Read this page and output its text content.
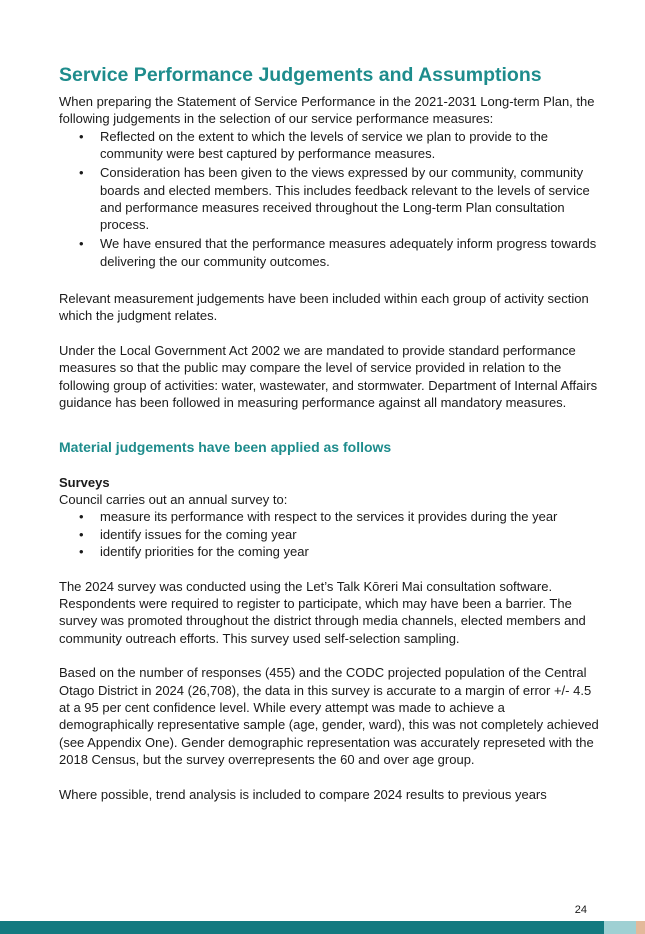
Service Performance Judgements and Assumptions

When preparing the Statement of Service Performance in the 2021-2031 Long-term Plan, the following judgements in the selection of our service performance measures:

• Reflected on the extent to which the levels of service we plan to provide to the community were best captured by performance measures.
• Consideration has been given to the views expressed by our community, community boards and elected members. This includes feedback relevant to the levels of service and performance measures received throughout the Long-term Plan consultation process.
• We have ensured that the performance measures adequately inform progress towards delivering the our community outcomes.

Relevant measurement judgements have been included within each group of activity section which the judgment relates.

Under the Local Government Act 2002 we are mandated to provide standard performance measures so that the public may compare the level of service provided in relation to the following group of activities: water, wastewater, and stormwater. Department of Internal Affairs guidance has been followed in measuring performance against all mandatory measures.

Material judgements have been applied as follows
Surveys

Council carries out an annual survey to:

• measure its performance with respect to the services it provides during the year
• identify issues for the coming year
• identify priorities for the coming year

The 2024 survey was conducted using the Let’s Talk Kōreri Mai consultation software. Respondents were required to register to participate, which may have been a barrier. The survey was promoted throughout the district through media channels, elected members and community outreach efforts. This survey used self-selection sampling.

Based on the number of responses (455) and the CODC projected population of the Central Otago District in 2024 (26,708), the data in this survey is accurate to a margin of error +/- 4.5 at a 95 per cent confidence level. While every attempt was made to achieve a demographically representative sample (age, gender, ward), this was not completely achieved (see Appendix One). Gender demographic representation was accurately represeted with the 2018 Census, but the survey overrepresents the 60 and over age group.

Where possible, trend analysis is included to compare 2024 results to previous years

24
